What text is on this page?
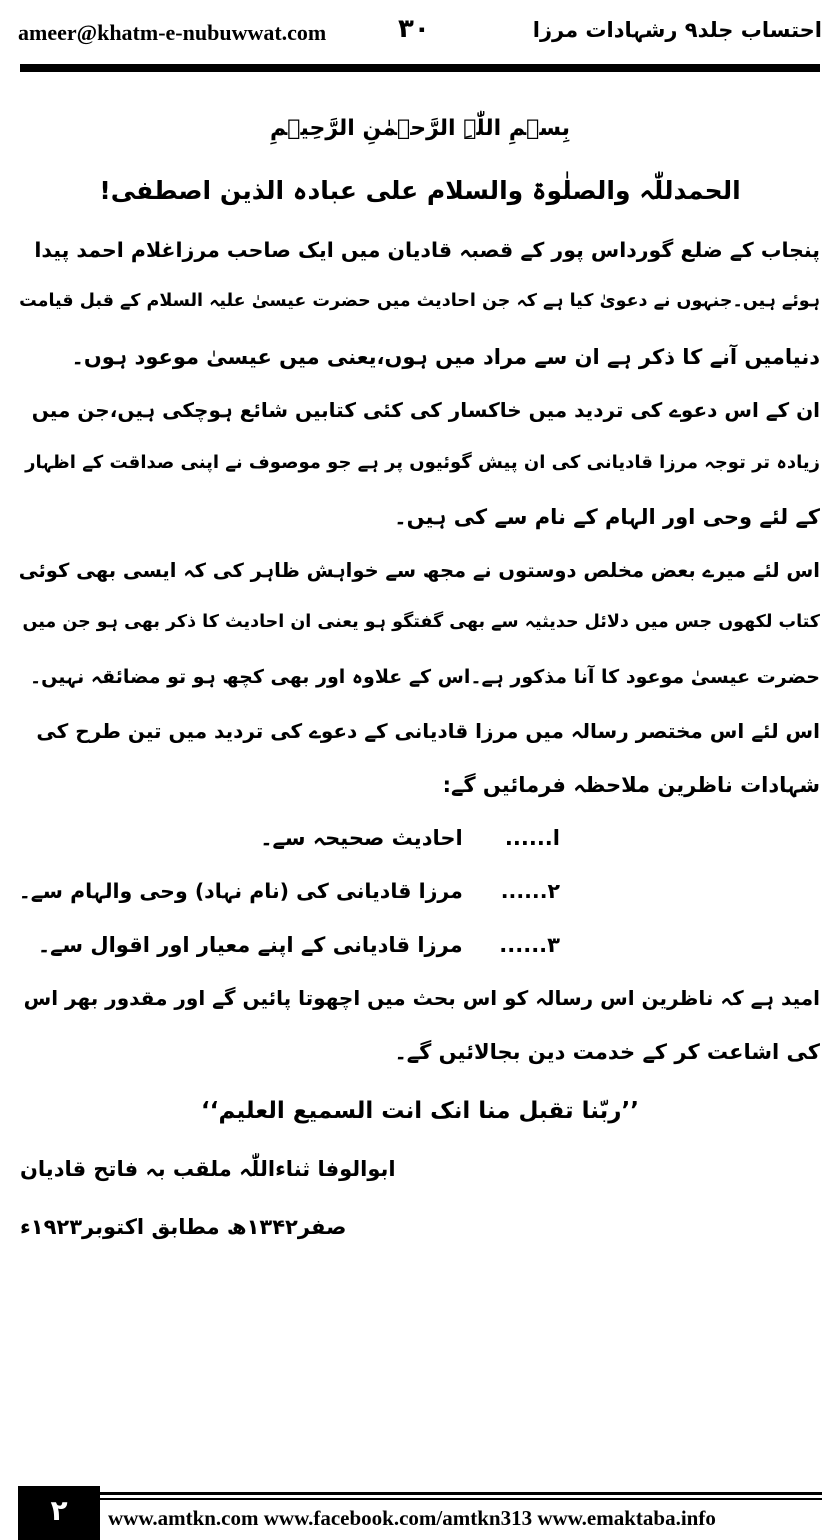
ameer@khatm-e-nubuwwat.com	۳۰	احتساب جلد۹ رشہادات مرزا
بِسۡمِ اللّٰہِ الرَّحۡمٰنِ الرَّحِیۡمِ
الحمدللّٰہ والصلٰوۃ والسلام علی عبادہ الذین اصطفی!
پنجاب کے ضلع گورداس پور کے قصبہ قادیان میں ایک صاحب مرزاغلام احمد پیدا
ہوئے ہیں۔جنہوں نے دعویٰ کیا ہے کہ جن احادیث میں حضرت عیسیٰ علیہ السلام کے قبل قیامت
دنیامیں آنے کا ذکر ہے ان سے مراد میں ہوں،یعنی میں عیسیٰ موعود ہوں۔
ان کے اس دعوے کی تردید میں خاکسار کی کئی کتابیں شائع ہوچکی ہیں،جن میں
زیادہ تر توجہ مرزا قادیانی کی ان پیش گوئیوں پر ہے جو موصوف نے اپنی صداقت کے اظہار
کے لئے وحی اور الہام کے نام سے کی ہیں۔
اس لئے میرے بعض مخلص دوستوں نے مجھ سے خواہش ظاہر کی کہ ایسی بھی کوئی
کتاب لکھوں جس میں دلائل حدیثیہ سے بھی گفتگو ہو یعنی ان احادیث کا ذکر بھی ہو جن میں
حضرت عیسیٰ موعود کا آنا مذکور ہے۔اس کے علاوہ اور بھی کچھ ہو تو مضائقہ نہیں۔
اس لئے اس مختصر رسالہ میں مرزا قادیانی کے دعوے کی تردید میں تین طرح کی
شہادات ناظرین ملاحظہ فرمائیں گے:
ا...... احادیث صحیحہ سے۔
۲...... مرزا قادیانی کی (نام نہاد) وحی والہام سے۔
۳...... مرزا قادیانی کے اپنے معیار اور اقوال سے۔
امید ہے کہ ناظرین اس رسالہ کو اس بحث میں اچھوتا پائیں گے اور مقدور بھر اس
کی اشاعت کر کے خدمت دین بجالائیں گے۔
’’ربّنا تقبل منا انک انت السمیع العلیم‘‘
ابوالوفا ثناءاللّٰہ ملقب بہ فاتح قادیان
صفر۱۳۴۲ھ مطابق اکتوبر۱۹۲۳ء
۲	www.amtkn.com www.facebook.com/amtkn313 www.emaktaba.info
